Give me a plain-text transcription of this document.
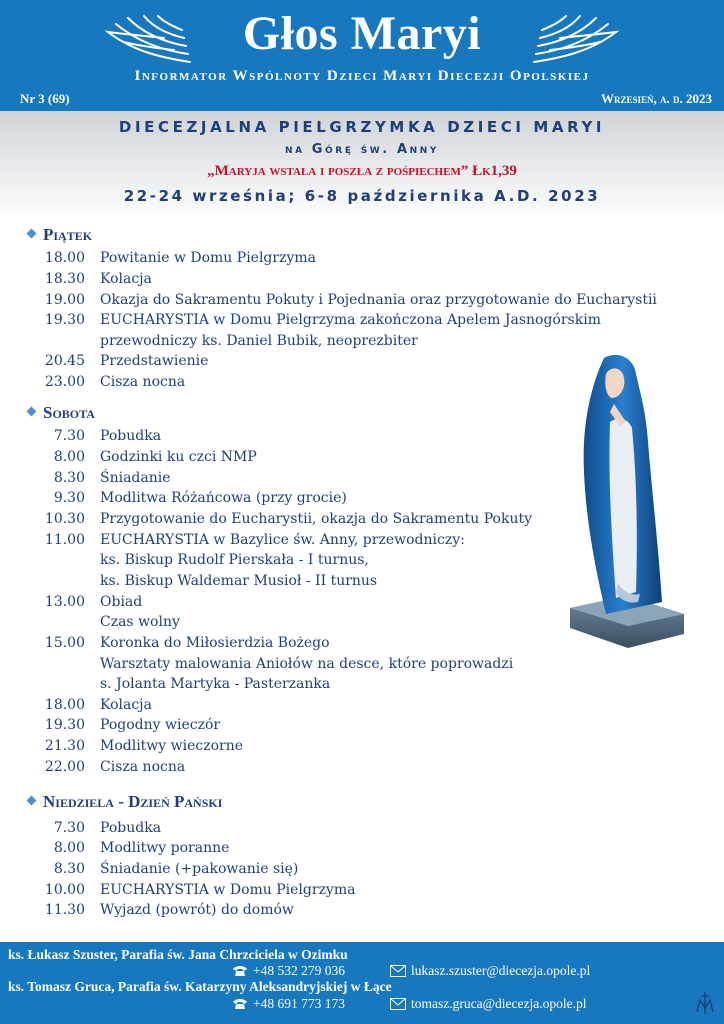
Głos Maryi
Informator Wspólnoty Dzieci Maryi Diecezji Opolskiej
Nr 3 (69)	Wrzesień, a. d. 2023
DIECEZJALNA PIELGRZYMKA DZIECI MARYI
na Górę św. Anny
„Maryja wstała i poszła z pośpiechem” Łk1,39
22-24 września; 6-8 października A.D. 2023
Piątek
18.00 Powitanie w Domu Pielgrzyma
18.30 Kolacja
19.00 Okazja do Sakramentu Pokuty i Pojednania oraz przygotowanie do Eucharystii
19.30 EUCHARYSTIA w Domu Pielgrzyma zakończona Apelem Jasnogórskim
przewodniczy ks. Daniel Bubik, neoprezbiter
20.45 Przedstawienie
23.00 Cisza nocna
Sobota
7.30 Pobudka
8.00 Godzinki ku czci NMP
8.30 Śniadanie
9.30 Modlitwa Różańcowa (przy grocie)
10.30 Przygotowanie do Eucharystii, okazja do Sakramentu Pokuty
11.00 EUCHARYSTIA w Bazylice św. Anny, przewodniczy:
ks. Biskup Rudolf Pierskała - I turnus,
ks. Biskup Waldemar Musioł - II turnus
13.00 Obiad
Czas wolny
15.00 Koronka do Miłosierdzia Bożego
Warsztaty malowania Aniołów na desce, które poprowadzi
s. Jolanta Martyka - Pasterzanka
18.00 Kolacja
19.30 Pogodny wieczór
21.30 Modlitwy wieczorne
22.00 Cisza nocna
Niedziela - Dzień Pański
7.30 Pobudka
8.00 Modlitwy poranne
8.30 Śniadanie (+pakowanie się)
10.00 EUCHARYSTIA w Domu Pielgrzyma
11.30 Wyjazd (powrót) do domów
ks. Łukasz Szuster, Parafia św. Jana Chrzciciela w Ozimku
+48 532 279 036	lukasz.szuster@diecezja.opole.pl
ks. Tomasz Gruca, Parafia św. Katarzyny Aleksandryjskiej w Łące
+48 691 773 173	tomasz.gruca@diecezja.opole.pl
